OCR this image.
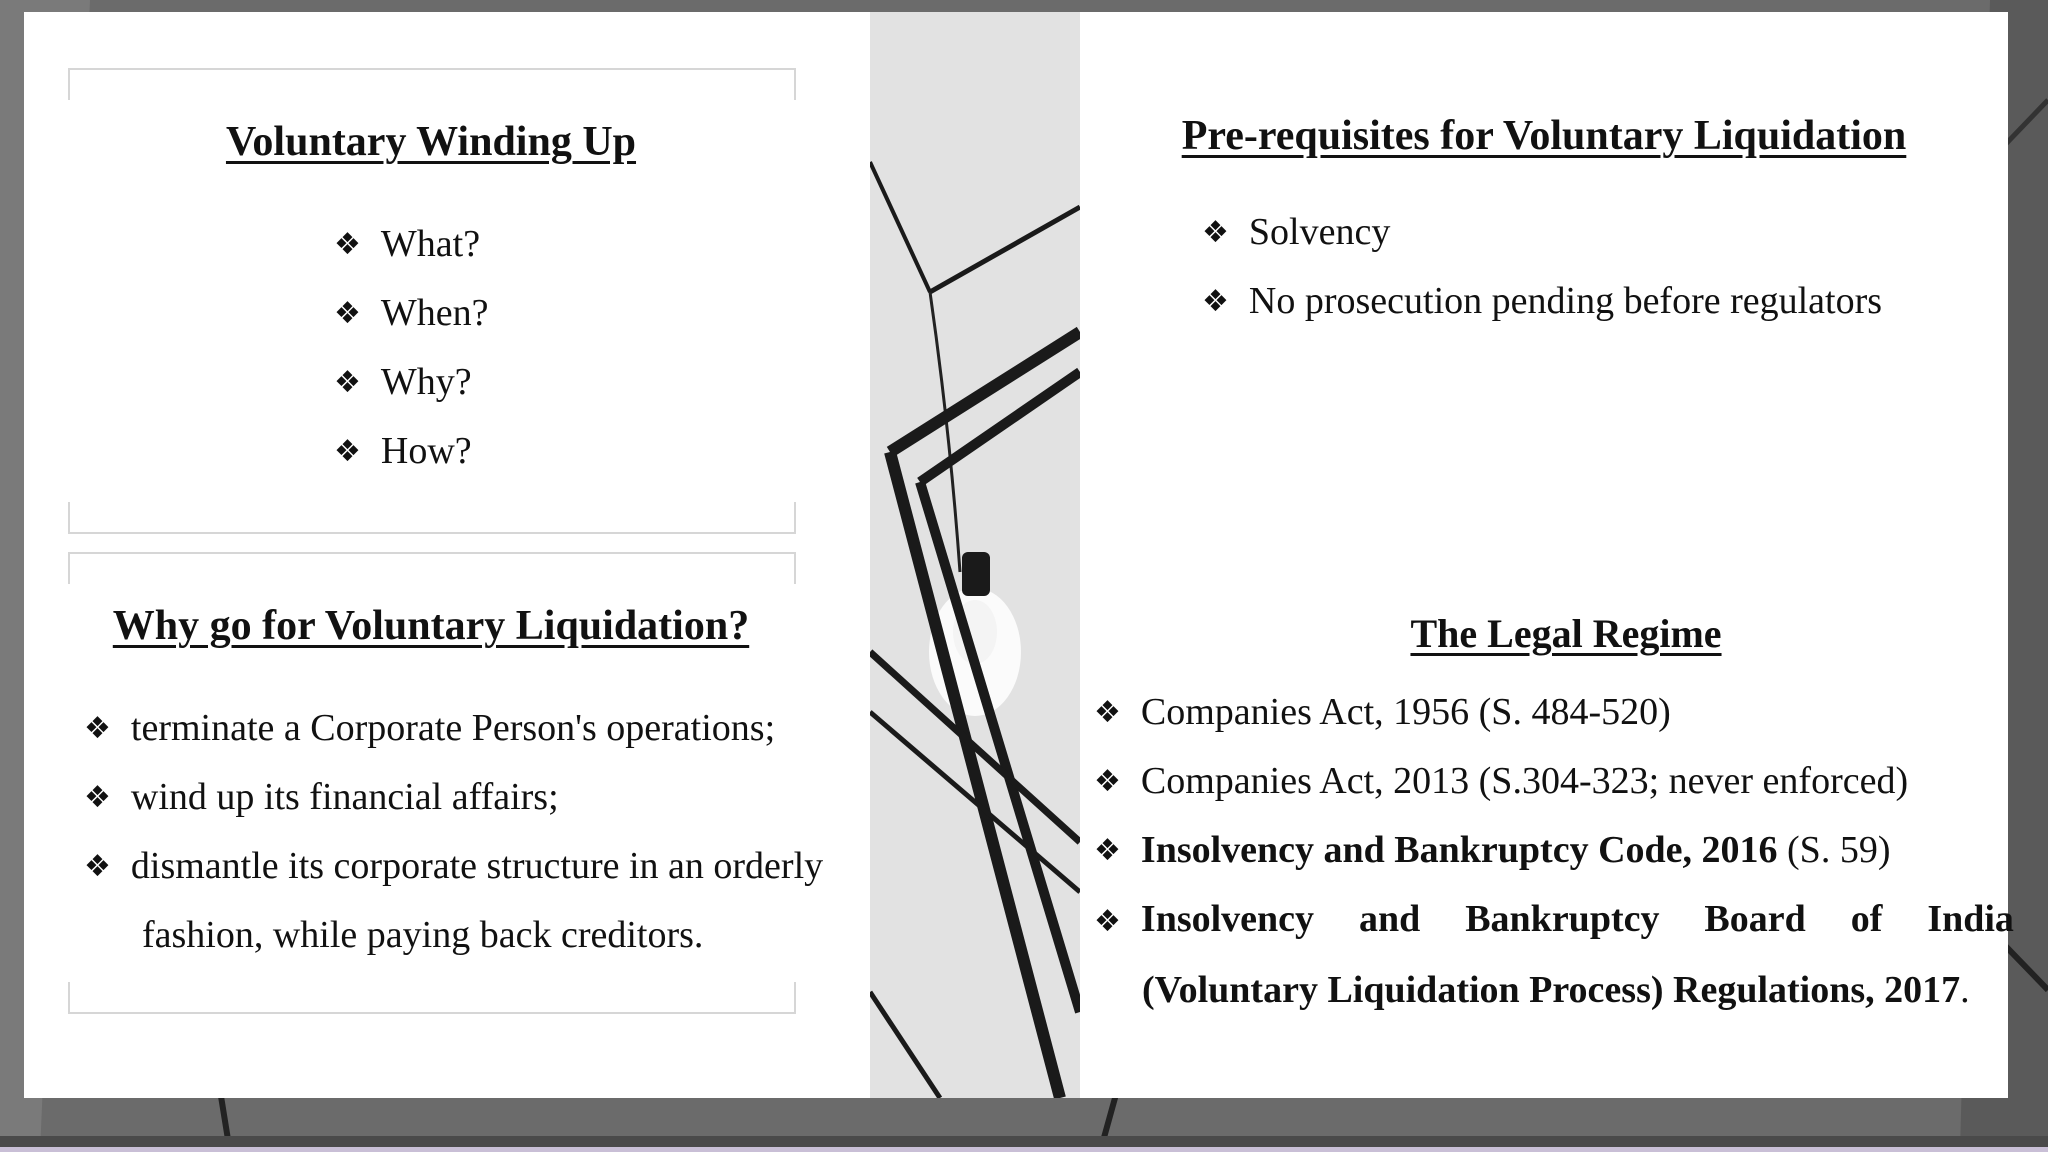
Voluntary Winding Up
❖ What?
❖ When?
❖ Why?
❖ How?
Why go for Voluntary Liquidation?
❖ terminate a Corporate Person's operations;
❖ wind up its financial affairs;
❖ dismantle its corporate structure in an orderly
fashion, while paying back creditors.
Pre-requisites for Voluntary Liquidation
❖ Solvency
❖ No prosecution pending before regulators
The Legal Regime
❖ Companies Act, 1956 (S. 484-520)
❖ Companies Act, 2013 (S.304-323; never enforced)
❖ Insolvency and Bankruptcy Code, 2016 (S. 59)
❖ Insolvency and Bankruptcy Board of India
(Voluntary Liquidation Process) Regulations, 2017.
